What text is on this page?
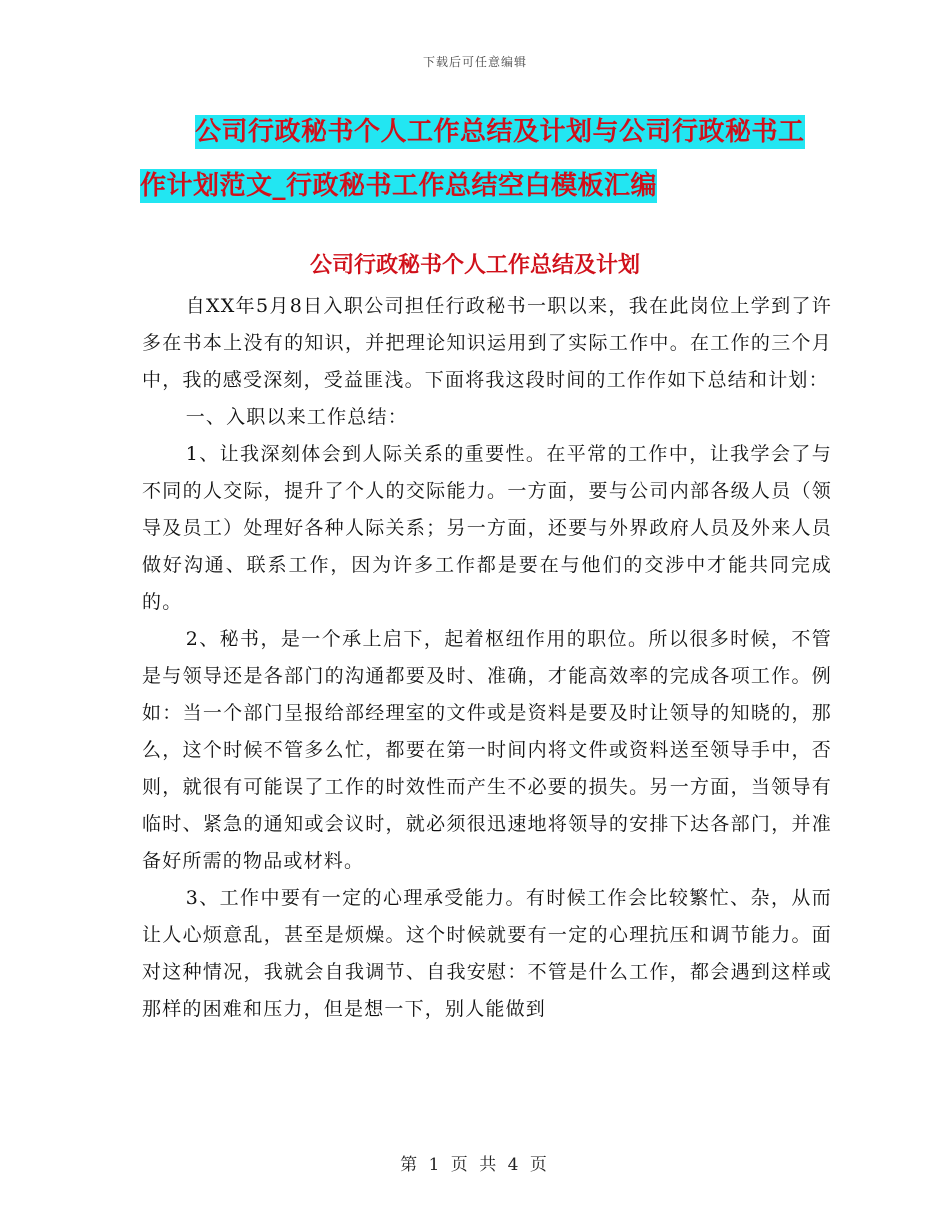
下载后可任意编辑
公司行政秘书个人工作总结及计划与公司行政秘书工
作计划范文_行政秘书工作总结空白模板汇编
公司行政秘书个人工作总结及计划

自XX年5月8日入职公司担任行政秘书一职以来，我在此岗位上学到了许多在书本上没有的知识，并把理论知识运用到了实际工作中。在工作的三个月中，我的感受深刻，受益匪浅。下面将我这段时间的工作作如下总结和计划：

一、入职以来工作总结：

1、让我深刻体会到人际关系的重要性。在平常的工作中，让我学会了与不同的人交际，提升了个人的交际能力。一方面，要与公司内部各级人员（领导及员工）处理好各种人际关系；另一方面，还要与外界政府人员及外来人员做好沟通、联系工作，因为许多工作都是要在与他们的交涉中才能共同完成的。

2、秘书，是一个承上启下，起着枢纽作用的职位。所以很多时候，不管是与领导还是各部门的沟通都要及时、准确，才能高效率的完成各项工作。例如：当一个部门呈报给部经理室的文件或是资料是要及时让领导的知晓的，那么，这个时候不管多么忙，都要在第一时间内将文件或资料送至领导手中，否则，就很有可能误了工作的时效性而产生不必要的损失。另一方面，当领导有临时、紧急的通知或会议时，就必须很迅速地将领导的安排下达各部门，并准备好所需的物品或材料。

3、工作中要有一定的心理承受能力。有时候工作会比较繁忙、杂，从而让人心烦意乱，甚至是烦燥。这个时候就要有一定的心理抗压和调节能力。面对这种情况，我就会自我调节、自我安慰：不管是什么工作，都会遇到这样或那样的困难和压力，但是想一下，别人能做到

第 1 页 共 4 页
